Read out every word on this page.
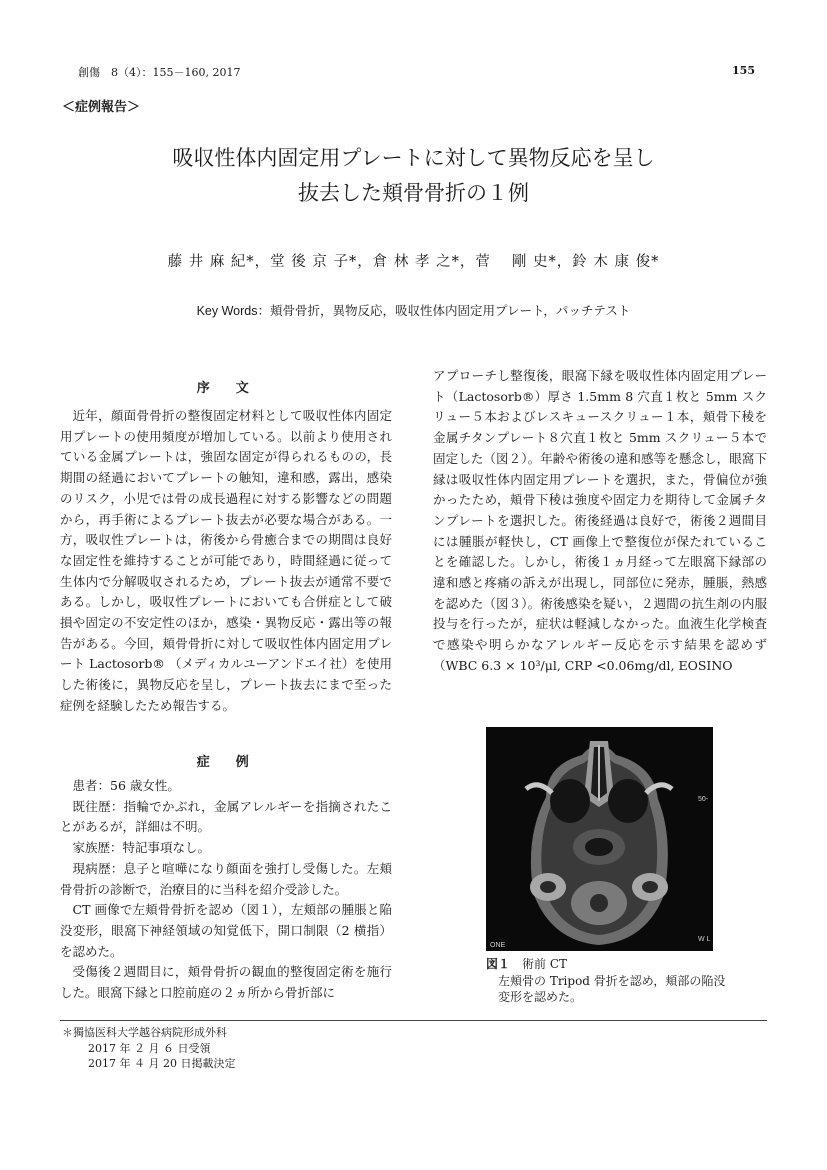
創傷　8（4）：155－160, 2017	155
＜症例報告＞
吸収性体内固定用プレートに対して異物反応を呈し
抜去した頬骨骨折の１例
藤 井 麻 紀*，堂 後 京 子*，倉 林 孝 之*，菅　 剛 史*，鈴 木 康 俊*
Key Words：頬骨骨折，異物反応，吸収性体内固定用プレート，パッチテスト
序　文

近年，顔面骨骨折の整復固定材料として吸収性体内固定用プレートの使用頻度が増加している。以前より使用されている金属プレートは，強固な固定が得られるものの，長期間の経過においてプレートの触知，違和感，露出，感染のリスク，小児では骨の成長過程に対する影響などの問題から，再手術によるプレート抜去が必要な場合がある。一方，吸収性プレートは，術後から骨癒合までの期間は良好な固定性を維持することが可能であり，時間経過に従って生体内で分解吸収されるため，プレート抜去が通常不要である。しかし，吸収性プレートにおいても合併症として破損や固定の不安定性のほか，感染・異物反応・露出等の報告がある。今回，頬骨骨折に対して吸収性体内固定用プレート Lactosorb® （メディカルユーアンドエイ社）を使用した術後に，異物反応を呈し，プレート抜去にまで至った症例を経験したため報告する。

症　例

患者：56 歳女性。

既往歴：指輪でかぶれ，金属アレルギーを指摘されたことがあるが，詳細は不明。

家族歴：特記事項なし。

現病歴：息子と喧嘩になり顔面を強打し受傷した。左頬骨骨折の診断で，治療目的に当科を紹介受診した。

CT 画像で左頬骨骨折を認め（図１），左頬部の腫脹と陥没変形，眼窩下神経領域の知覚低下，開口制限（2 横指）を認めた。

受傷後２週間目に，頬骨骨折の観血的整復固定術を施行した。眼窩下縁と口腔前庭の２ヵ所から骨折部に

アプローチし整復後，眼窩下縁を吸収性体内固定用プレート（Lactosorb®）厚さ 1.5mm 8 穴直１枚と 5mm スクリュー５本およびレスキュースクリュー１本，頬骨下稜を金属チタンプレート８穴直１枚と 5mm スクリュー５本で固定した（図２）。年齢や術後の違和感等を懸念し，眼窩下縁は吸収性体内固定用プレートを選択，また，骨偏位が強かったため，頬骨下稜は強度や固定力を期待して金属チタンプレートを選択した。術後経過は良好で，術後２週間目には腫脹が軽快し，CT 画像上で整復位が保たれていることを確認した。しかし，術後１ヵ月経って左眼窩下縁部の違和感と疼痛の訴えが出現し，同部位に発赤，腫脹，熱感を認めた（図３）。術後感染を疑い，２週間の抗生剤の内服投与を行ったが，症状は軽減しなかった。血液生化学検査で感染や明らかなアレルギー反応を示す結果を認めず（WBC 6.3 × 10³/μl, CRP <0.06mg/dl, EOSINO

ONE
50-
W L
図１　 術前 CT
左頬骨の Tripod 骨折を認め，頬部の陥没変形を認めた。
＊獨協医科大学越谷病院形成外科
2017 年 ２ 月 ６ 日受領
2017 年 ４ 月 20 日掲載決定
